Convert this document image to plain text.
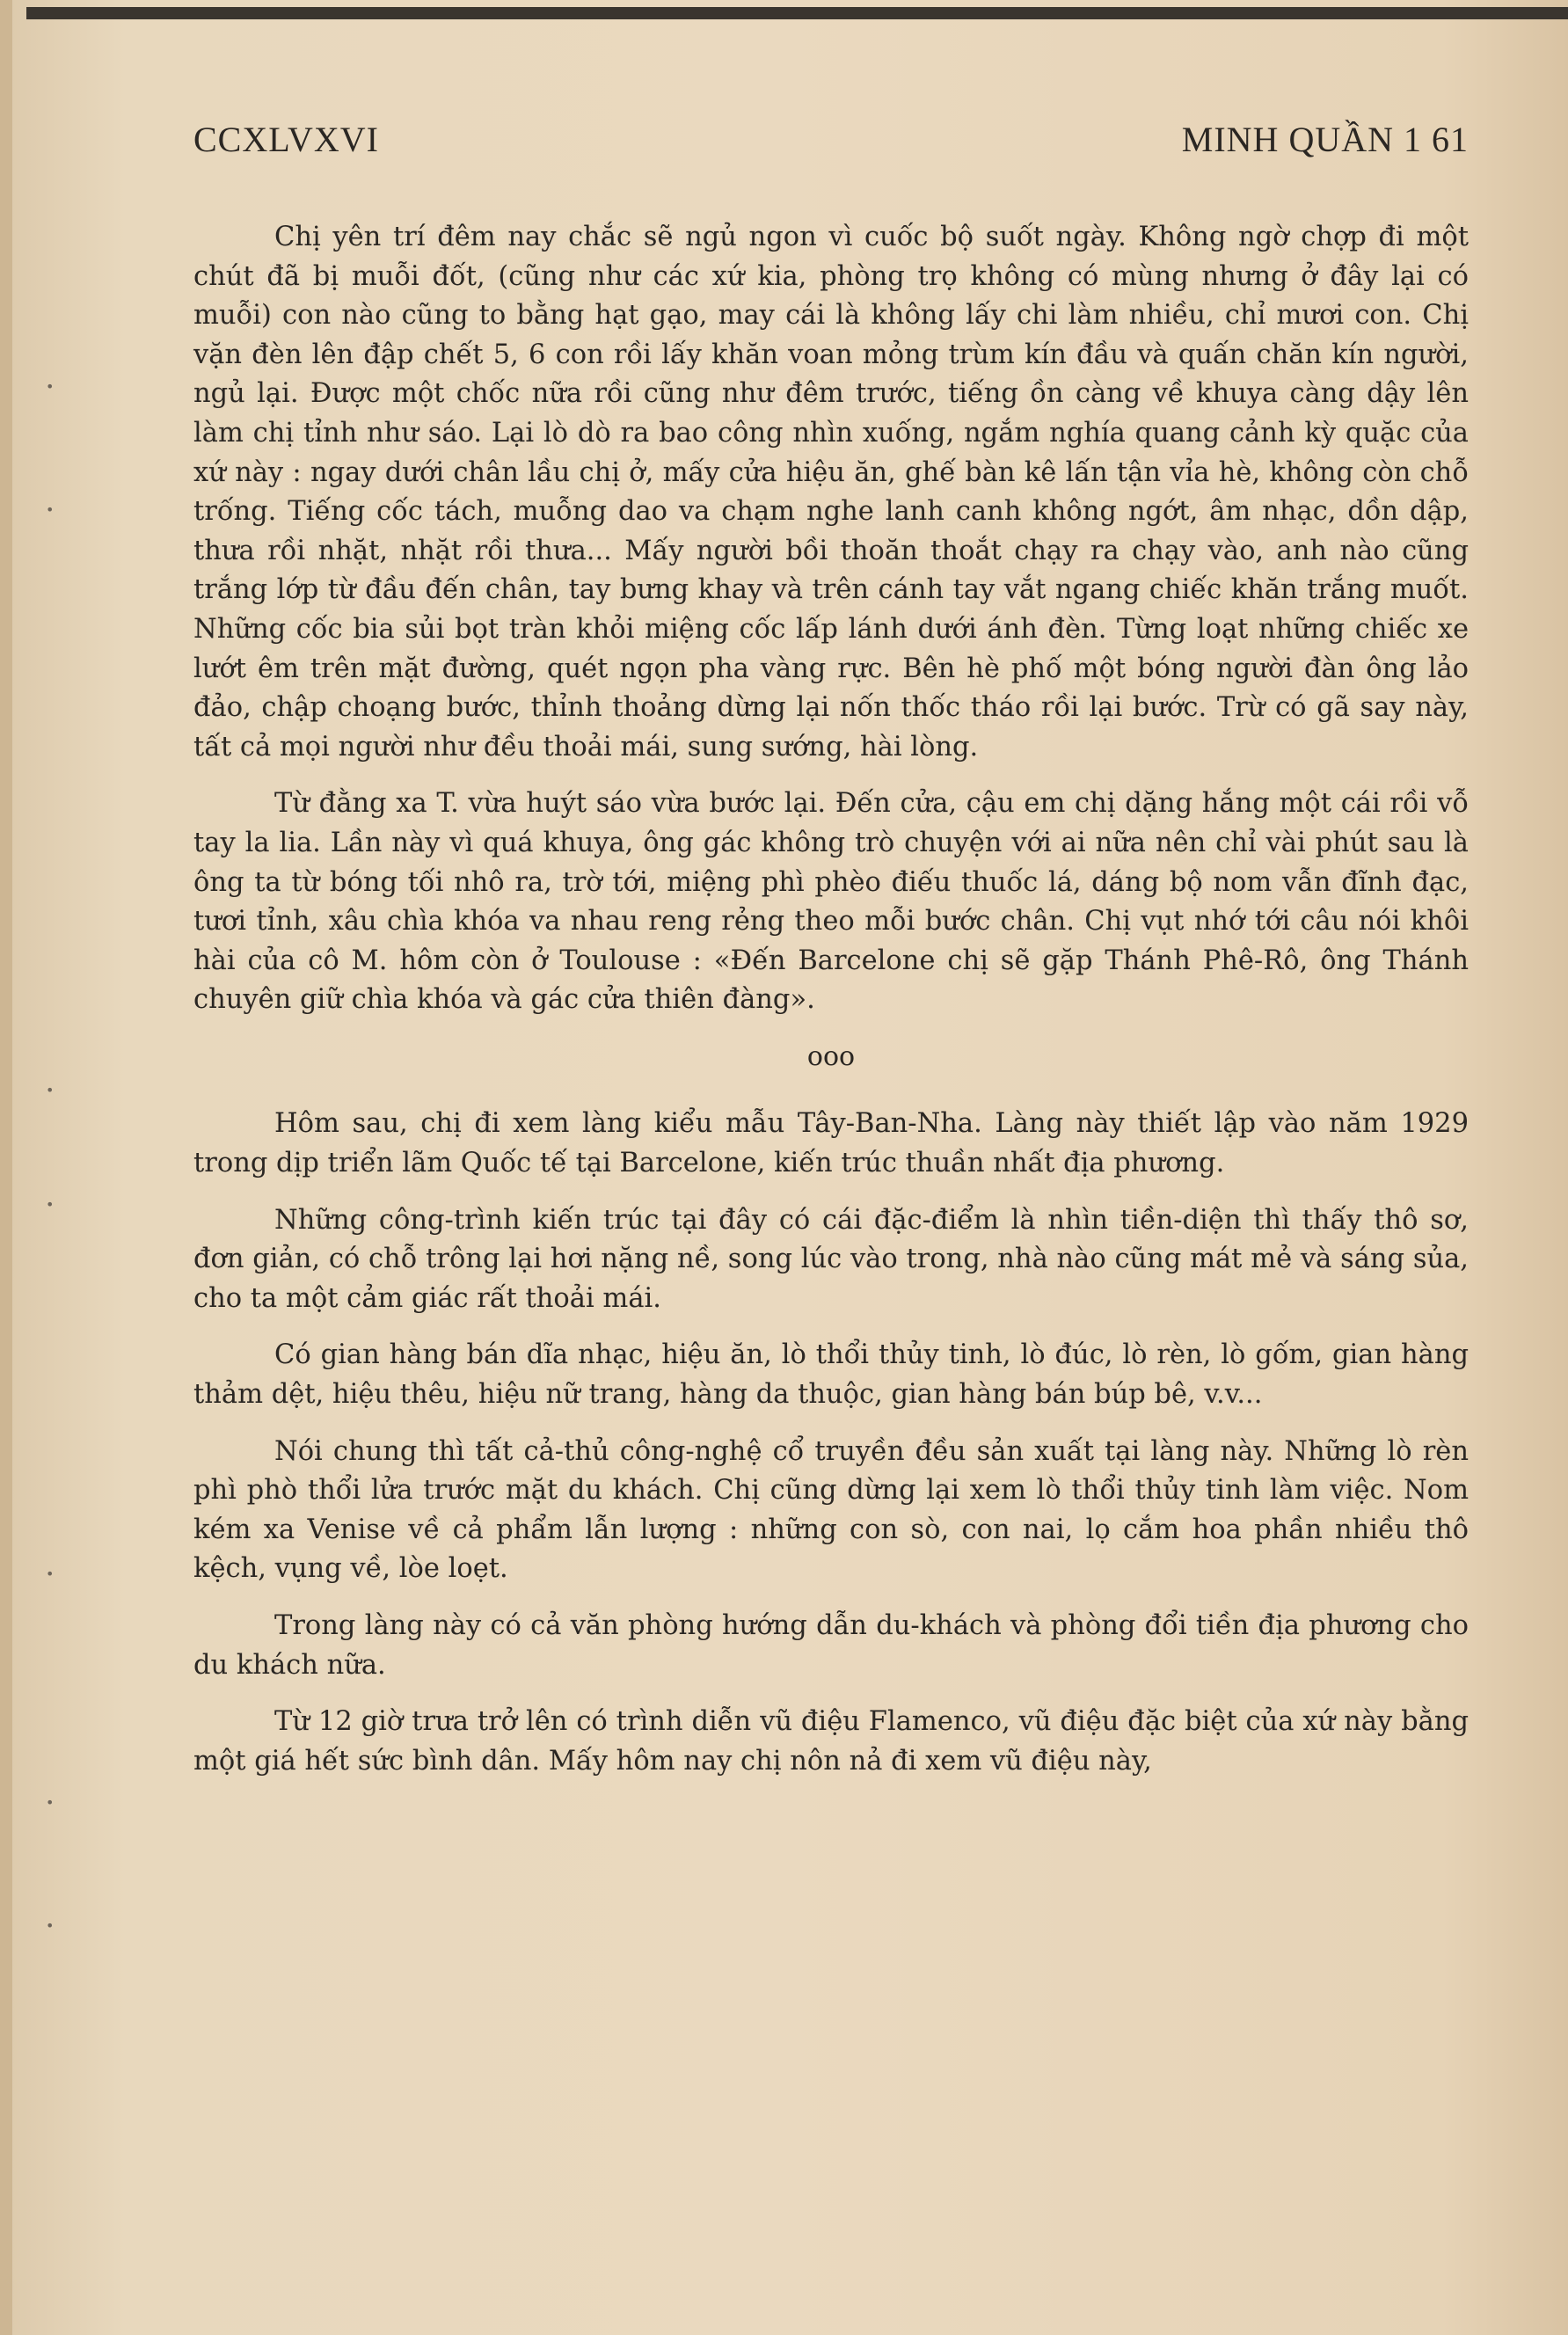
•
•
•
•
•
•
•
CCXLVXVI	MINH QUẦN 1 61

Chị yên trí đêm nay chắc sẽ ngủ ngon vì cuốc bộ suốt ngày. Không ngờ chợp đi một chút đã bị muỗi đốt, (cũng như các xứ kia, phòng trọ không có mùng nhưng ở đây lại có muỗi) con nào cũng to bằng hạt gạo, may cái là không lấy chi làm nhiều, chỉ mươi con. Chị vặn đèn lên đập chết 5, 6 con rồi lấy khăn voan mỏng trùm kín đầu và quấn chăn kín người, ngủ lại. Được một chốc nữa rồi cũng như đêm trước, tiếng ồn càng về khuya càng dậy lên làm chị tỉnh như sáo. Lại lò dò ra bao công nhìn xuống, ngắm nghía quang cảnh kỳ quặc của xứ này : ngay dưới chân lầu chị ở, mấy cửa hiệu ăn, ghế bàn kê lấn tận vỉa hè, không còn chỗ trống. Tiếng cốc tách, muỗng dao va chạm nghe lanh canh không ngớt, âm nhạc, dồn dập, thưa rồi nhặt, nhặt rồi thưa... Mấy người bồi thoăn thoắt chạy ra chạy vào, anh nào cũng trắng lớp từ đầu đến chân, tay bưng khay và trên cánh tay vắt ngang chiếc khăn trắng muốt. Những cốc bia sủi bọt tràn khỏi miệng cốc lấp lánh dưới ánh đèn. Từng loạt những chiếc xe lướt êm trên mặt đường, quét ngọn pha vàng rực. Bên hè phố một bóng người đàn ông lảo đảo, chập choạng bước, thỉnh thoảng dừng lại nốn thốc tháo rồi lại bước. Trừ có gã say này, tất cả mọi người như đều thoải mái, sung sướng, hài lòng.

Từ đằng xa T. vừa huýt sáo vừa bước lại. Đến cửa, cậu em chị dặng hắng một cái rồi vỗ tay la lia. Lần này vì quá khuya, ông gác không trò chuyện với ai nữa nên chỉ vài phút sau là ông ta từ bóng tối nhô ra, trờ tới, miệng phì phèo điếu thuốc lá, dáng bộ nom vẫn đĩnh đạc, tươi tỉnh, xâu chìa khóa va nhau reng rẻng theo mỗi bước chân. Chị vụt nhớ tới câu nói khôi hài của cô M. hôm còn ở Toulouse : «Đến Barcelone chị sẽ gặp Thánh Phê-Rô, ông Thánh chuyên giữ chìa khóa và gác cửa thiên đàng».

ooo

Hôm sau, chị đi xem làng kiểu mẫu Tây-Ban-Nha. Làng này thiết lập vào năm 1929 trong dịp triển lãm Quốc tế tại Barcelone, kiến trúc thuần nhất địa phương.

Những công-trình kiến trúc tại đây có cái đặc-điểm là nhìn tiền-diện thì thấy thô sơ, đơn giản, có chỗ trông lại hơi nặng nề, song lúc vào trong, nhà nào cũng mát mẻ và sáng sủa, cho ta một cảm giác rất thoải mái.

Có gian hàng bán dĩa nhạc, hiệu ăn, lò thổi thủy tinh, lò đúc, lò rèn, lò gốm, gian hàng thảm dệt, hiệu thêu, hiệu nữ trang, hàng da thuộc, gian hàng bán búp bê, v.v...

Nói chung thì tất cả-thủ công-nghệ cổ truyền đều sản xuất tại làng này. Những lò rèn phì phò thổi lửa trước mặt du khách. Chị cũng dừng lại xem lò thổi thủy tinh làm việc. Nom kém xa Venise về cả phẩm lẫn lượng : những con sò, con nai, lọ cắm hoa phần nhiều thô kệch, vụng về, lòe loẹt.

Trong làng này có cả văn phòng hướng dẫn du-khách và phòng đổi tiền địa phương cho du khách nữa.

Từ 12 giờ trưa trở lên có trình diễn vũ điệu Flamenco, vũ điệu đặc biệt của xứ này bằng một giá hết sức bình dân. Mấy hôm nay chị nôn nả đi xem vũ điệu này,
